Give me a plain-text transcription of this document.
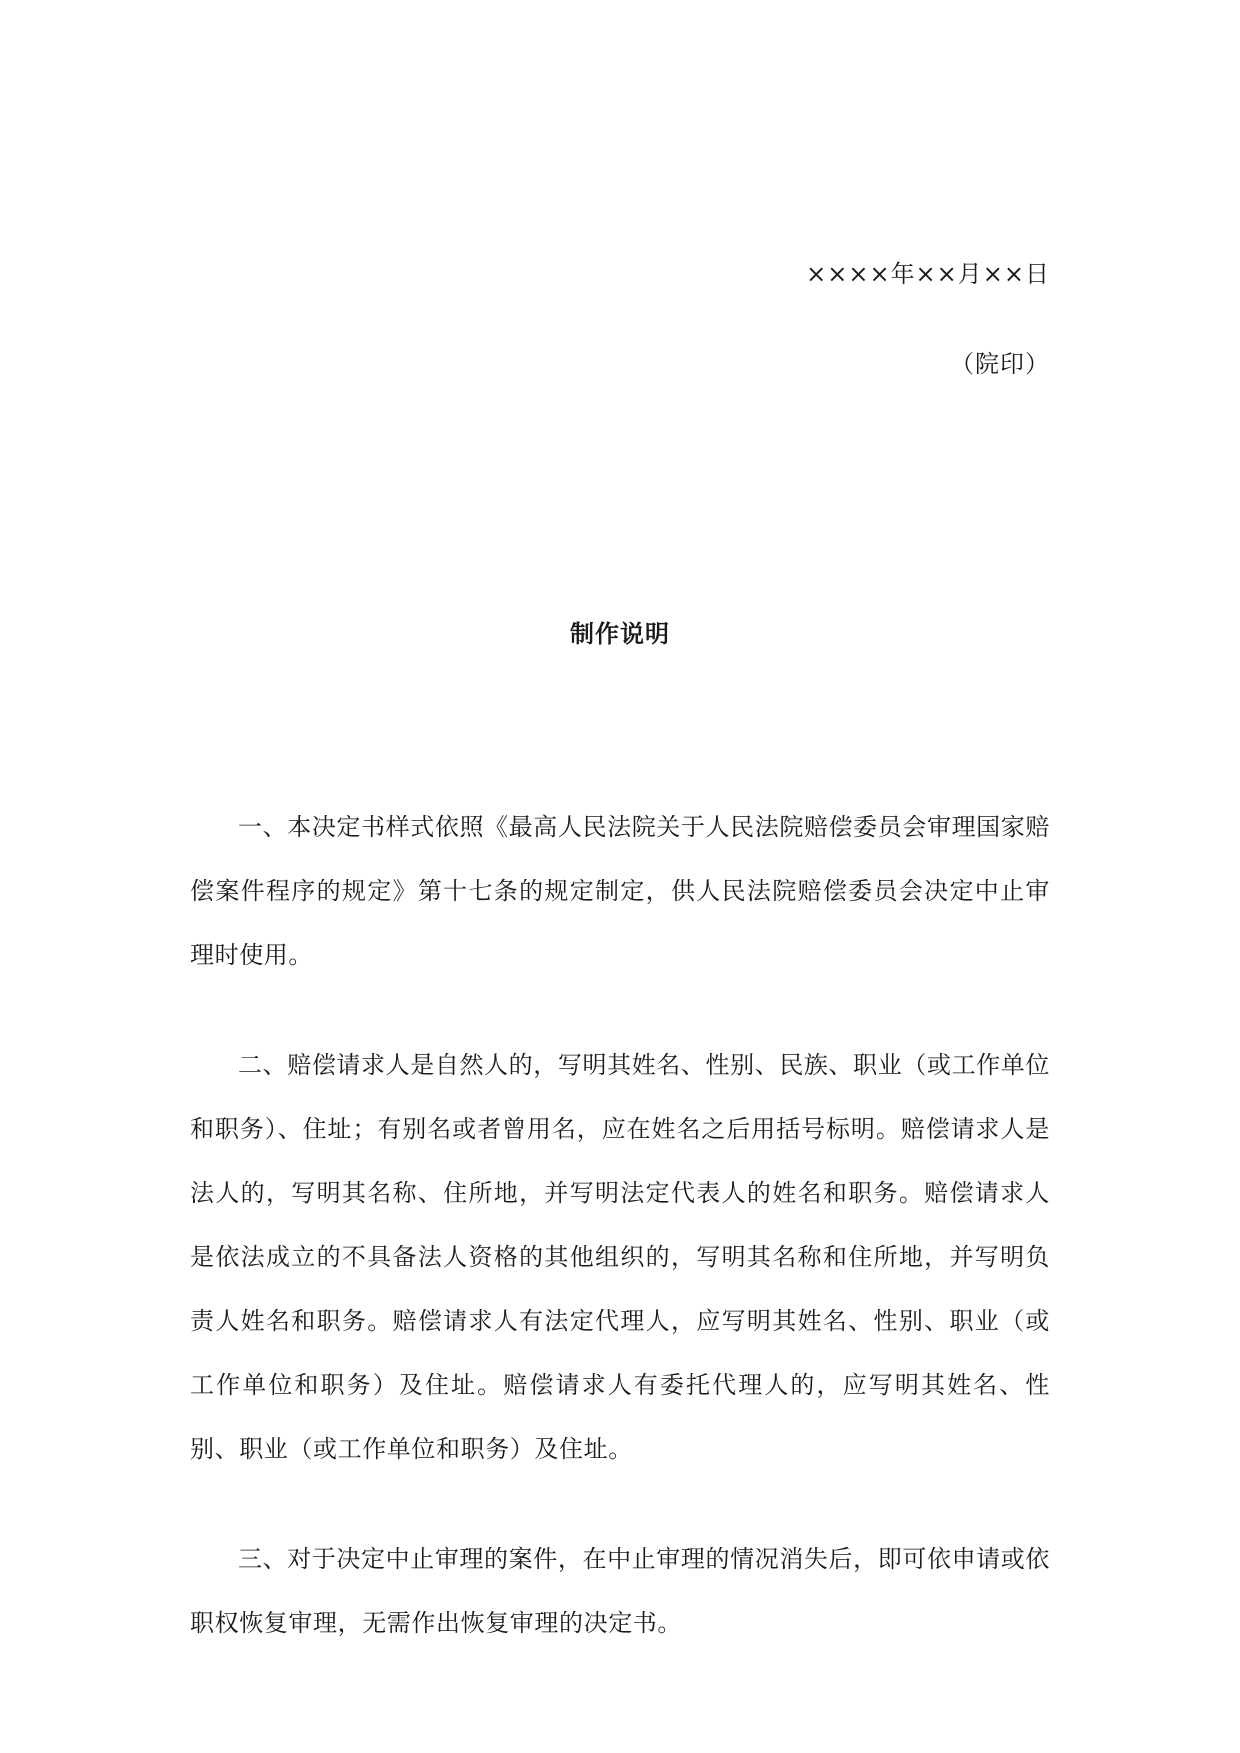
××××年××月××日
（院印）
制作说明

一、本决定书样式依照《最高人民法院关于人民法院赔偿委员会审理国家赔偿案件程序的规定》第十七条的规定制定，供人民法院赔偿委员会决定中止审理时使用。

二、赔偿请求人是自然人的，写明其姓名、性别、民族、职业（或工作单位和职务）、住址；有别名或者曾用名，应在姓名之后用括号标明。赔偿请求人是法人的，写明其名称、住所地，并写明法定代表人的姓名和职务。赔偿请求人是依法成立的不具备法人资格的其他组织的，写明其名称和住所地，并写明负责人姓名和职务。赔偿请求人有法定代理人，应写明其姓名、性别、职业（或工作单位和职务）及住址。赔偿请求人有委托代理人的，应写明其姓名、性别、职业（或工作单位和职务）及住址。

三、对于决定中止审理的案件，在中止审理的情况消失后，即可依申请或依职权恢复审理，无需作出恢复审理的决定书。
